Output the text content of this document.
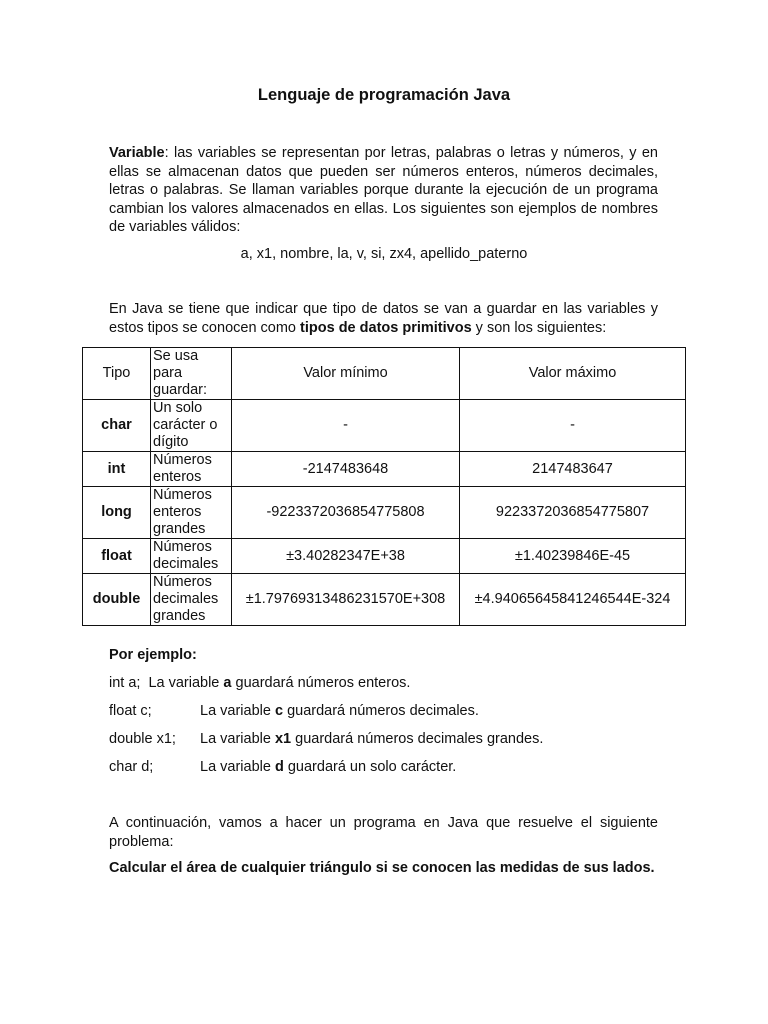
Lenguaje de programación Java
Variable: las variables se representan por letras, palabras o letras y números, y en ellas se almacenan datos que pueden ser números enteros, números decimales, letras o palabras. Se llaman variables porque durante la ejecución de un programa cambian los valores almacenados en ellas. Los siguientes son ejemplos de nombres de variables válidos:
a, x1, nombre, la, v, si, zx4, apellido_paterno
En Java se tiene que indicar que tipo de datos se van a guardar en las variables y estos tipos se conocen como tipos de datos primitivos y son los siguientes:
Tipo	Se usa para guardar:	Valor mínimo	Valor máximo
char	Un solo carácter o dígito	-	-
int	Números enteros	-2147483648	2147483647
long	Números enteros grandes	-9223372036854775808	9223372036854775807
float	Números decimales	±3.40282347E+38	±1.40239846E-45
double	Números decimales grandes	±1.79769313486231570E+308	±4.94065645841246544E-324
Por ejemplo:
int a; La variable a guardará números enteros.
float c;	La variable c guardará números decimales.
double x1; La variable x1 guardará números decimales grandes.
char d;	La variable d guardará un solo carácter.
A continuación, vamos a hacer un programa en Java que resuelve el siguiente problema:
Calcular el área de cualquier triángulo si se conocen las medidas de sus lados.
